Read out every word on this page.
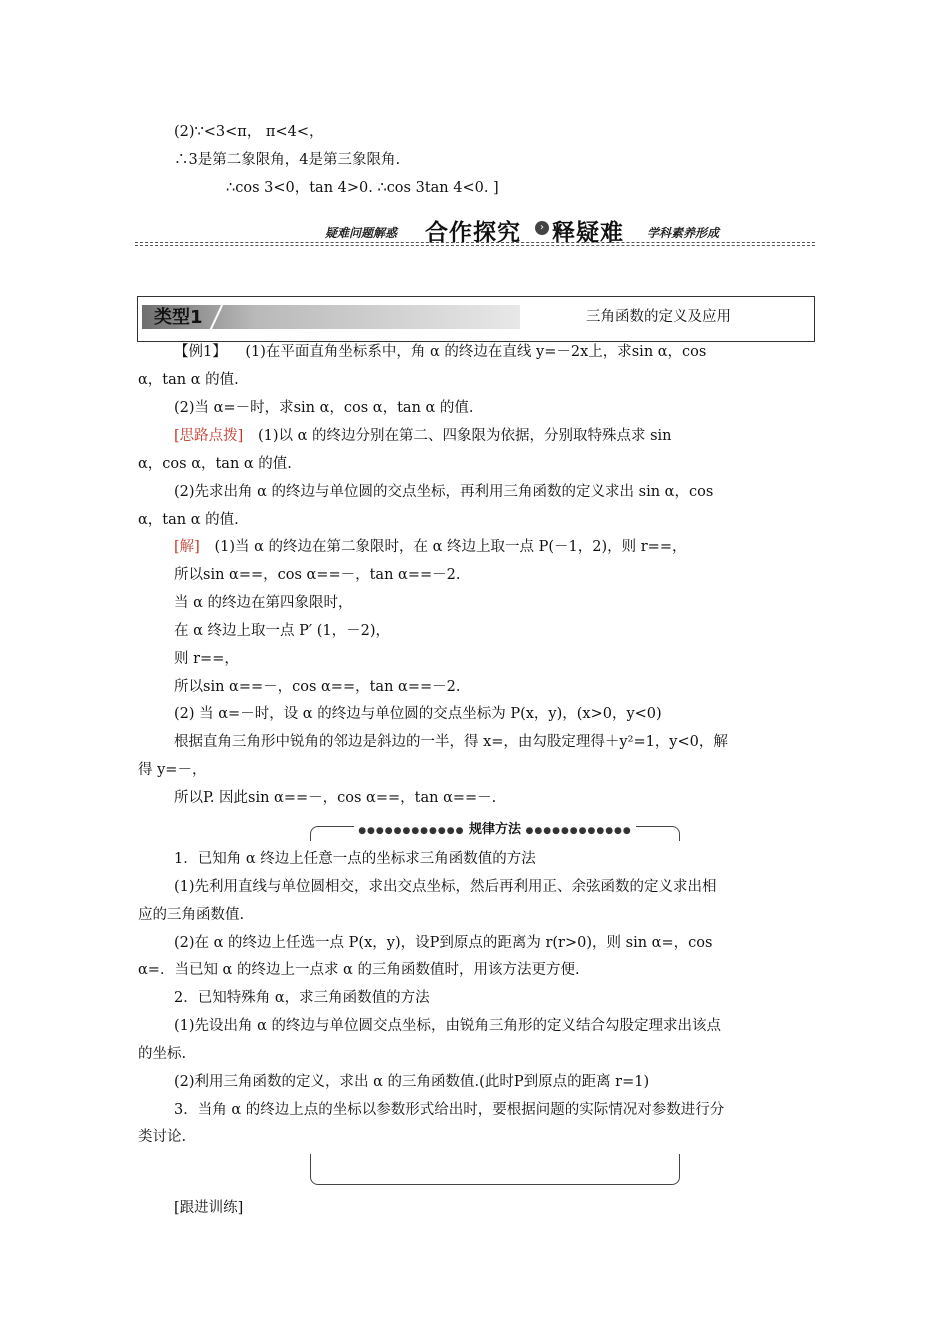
(2)∵<3<π， π<4<，
∴3是第二象限角，4是第三象限角.
∴cos 3<0，tan 4>0. ∴cos 3tan 4<0. ]
疑难问题解惑 合作探究	› 释疑难 学科素养形成
类型1	三角函数的定义及应用
【例1】 (1)在平面直角坐标系中，角 α 的终边在直线 y=－2x上，求sin α，cos
α，tan α 的值.
(2)当 α=－时，求sin α，cos α，tan α 的值.
[思路点拨] (1)以 α 的终边分别在第二、四象限为依据，分别取特殊点求 sin
α，cos α，tan α 的值.
(2)先求出角 α 的终边与单位圆的交点坐标，再利用三角函数的定义求出 sin α，cos
α，tan α 的值.
[解] (1)当 α 的终边在第二象限时，在 α 终边上取一点 P(－1，2)，则 r==，
所以sin α==，cos α==－，tan α==－2.
当 α 的终边在第四象限时，
在 α 终边上取一点 P′ (1，－2)，
则 r==，
所以sin α==－，cos α==，tan α==－2.
(2) 当 α=－时，设 α 的终边与单位圆的交点坐标为 P(x，y)，(x>0，y<0)
根据直角三角形中锐角的邻边是斜边的一半，得 x=，由勾股定理得＋y²=1，y<0，解
得 y=－，
所以P. 因此sin α==－，cos α==，tan α==－.
●●●●●●●●●●●● 规律方法 ●●●●●●●●●●●●
1．已知角 α 终边上任意一点的坐标求三角函数值的方法
(1)先利用直线与单位圆相交，求出交点坐标，然后再利用正、余弦函数的定义求出相
应的三角函数值.
(2)在 α 的终边上任选一点 P(x，y)，设P到原点的距离为 r(r>0)，则 sin α=，cos
α=．当已知 α 的终边上一点求 α 的三角函数值时，用该方法更方便.
2．已知特殊角 α，求三角函数值的方法
(1)先设出角 α 的终边与单位圆交点坐标，由锐角三角形的定义结合勾股定理求出该点
的坐标.
(2)利用三角函数的定义，求出 α 的三角函数值.(此时P到原点的距离 r=1)
3．当角 α 的终边上点的坐标以参数形式给出时，要根据问题的实际情况对参数进行分
类讨论.
[跟进训练]
